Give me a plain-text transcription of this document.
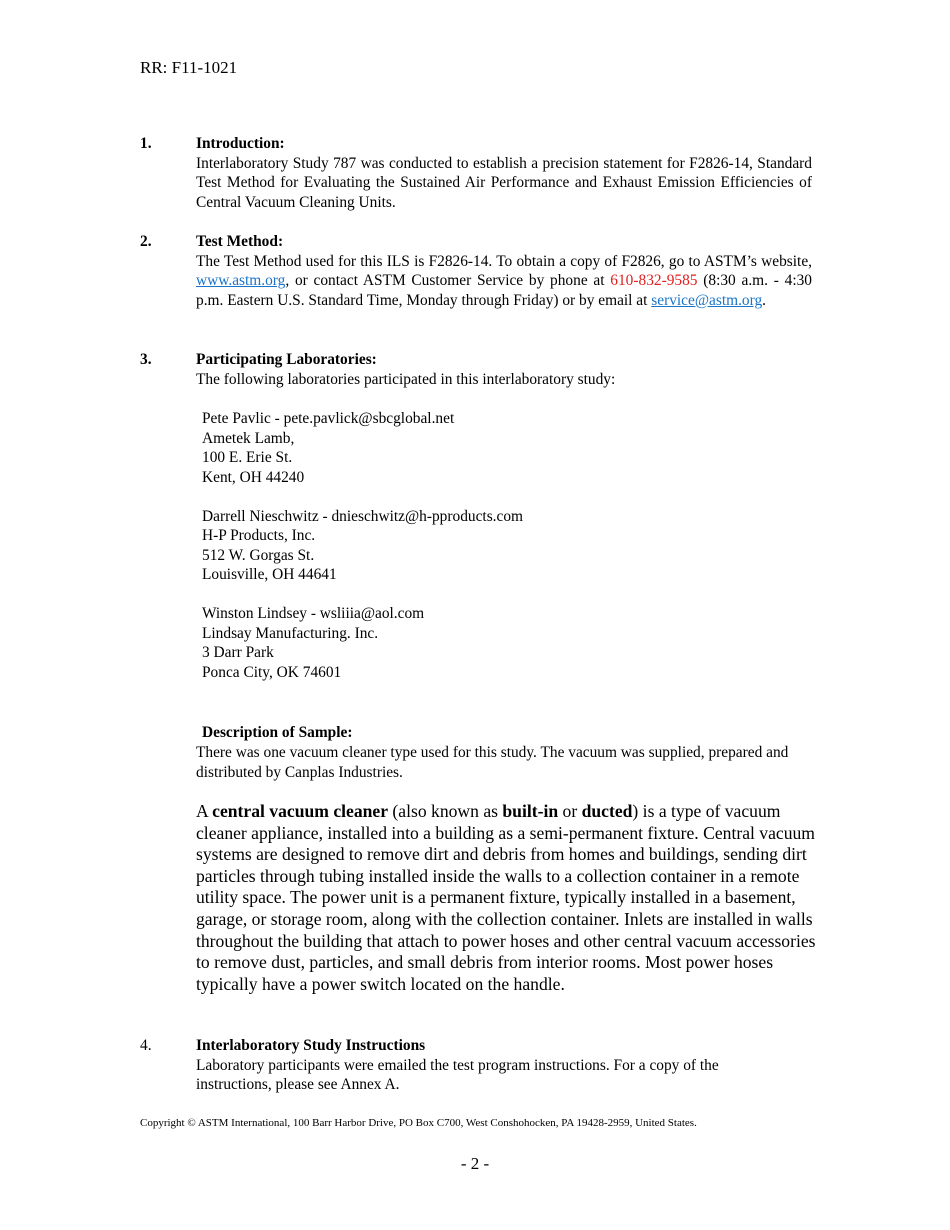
RR: F11-1021
1.	Introduction:
Interlaboratory Study 787 was conducted to establish a precision statement for F2826-14, Standard Test Method for Evaluating the Sustained Air Performance and Exhaust Emission Efficiencies of Central Vacuum Cleaning Units.
2.	Test Method:
The Test Method used for this ILS is F2826-14. To obtain a copy of F2826, go to ASTM’s website, www.astm.org, or contact ASTM Customer Service by phone at 610-832-9585 (8:30 a.m. - 4:30 p.m. Eastern U.S. Standard Time, Monday through Friday) or by email at service@astm.org.
3.	Participating Laboratories:
The following laboratories participated in this interlaboratory study:
Pete Pavlic - pete.pavlick@sbcglobal.net
Ametek Lamb,
100 E. Erie St.
Kent, OH 44240
Darrell Nieschwitz - dnieschwitz@h-pproducts.com
H-P Products, Inc.
512 W. Gorgas St.
Louisville, OH 44641
Winston Lindsey - wsliiia@aol.com
Lindsay Manufacturing. Inc.
3 Darr Park
Ponca City, OK 74601
Description of Sample:
There was one vacuum cleaner type used for this study. The vacuum was supplied, prepared and distributed by Canplas Industries.
A central vacuum cleaner (also known as built-in or ducted) is a type of vacuum cleaner appliance, installed into a building as a semi-permanent fixture. Central vacuum systems are designed to remove dirt and debris from homes and buildings, sending dirt particles through tubing installed inside the walls to a collection container in a remote utility space. The power unit is a permanent fixture, typically installed in a basement, garage, or storage room, along with the collection container. Inlets are installed in walls throughout the building that attach to power hoses and other central vacuum accessories to remove dust, particles, and small debris from interior rooms. Most power hoses typically have a power switch located on the handle.
4.	Interlaboratory Study Instructions
Laboratory participants were emailed the test program instructions. For a copy of the instructions, please see Annex A.
Copyright © ASTM International, 100 Barr Harbor Drive, PO Box C700, West Conshohocken, PA 19428-2959, United States.
- 2 -
